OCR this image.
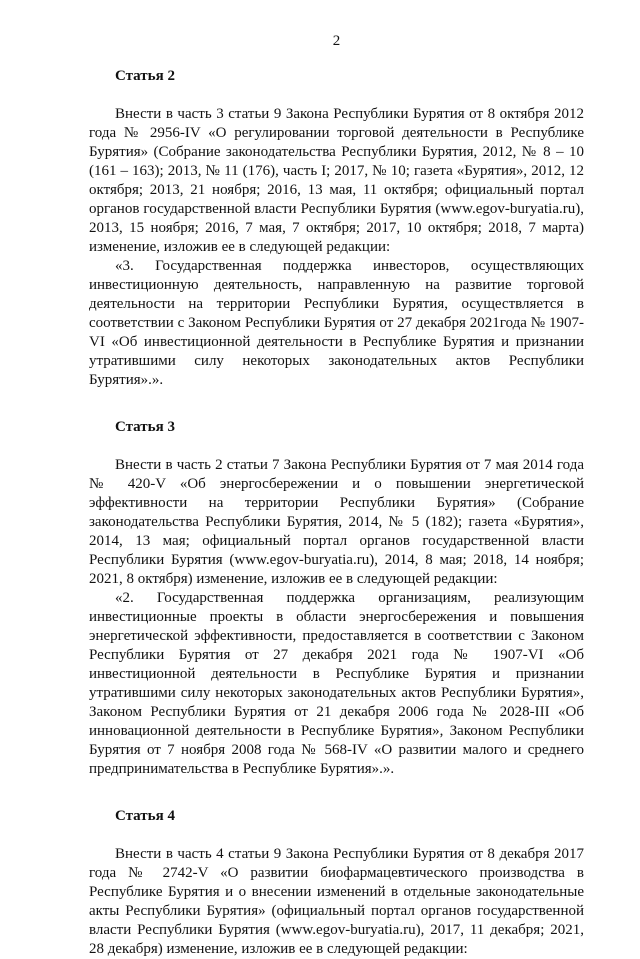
2
Статья 2

Внести в часть 3 статьи 9 Закона Республики Бурятия от 8 октября 2012 года № 2956-IV «О регулировании торговой деятельности в Республике Бурятия» (Собрание законодательства Республики Бурятия, 2012, № 8 – 10 (161 – 163); 2013, № 11 (176), часть I; 2017, № 10; газета «Бурятия», 2012, 12 октября; 2013, 21 ноября; 2016, 13 мая, 11 октября; официальный портал органов государственной власти Республики Бурятия (www.egov-buryatia.ru), 2013, 15 ноября; 2016, 7 мая, 7 октября; 2017, 10 октября; 2018, 7 марта) изменение, изложив ее в следующей редакции:

«3. Государственная поддержка инвесторов, осуществляющих инвестиционную деятельность, направленную на развитие торговой деятельности на территории Республики Бурятия, осуществляется в соответствии с Законом Республики Бурятия от 27 декабря 2021года № 1907-VI «Об инвестиционной деятельности в Республике Бурятия и признании утратившими силу некоторых законодательных актов Республики Бурятия».».

Статья 3

Внести в часть 2 статьи 7 Закона Республики Бурятия от 7 мая 2014 года № 420-V «Об энергосбережении и о повышении энергетической эффективности на территории Республики Бурятия» (Собрание законодательства Республики Бурятия, 2014, № 5 (182); газета «Бурятия», 2014, 13 мая; официальный портал органов государственной власти Республики Бурятия (www.egov-buryatia.ru), 2014, 8 мая; 2018, 14 ноября; 2021, 8 октября) изменение, изложив ее в следующей редакции:

«2. Государственная поддержка организациям, реализующим инвестиционные проекты в области энергосбережения и повышения энергетической эффективности, предоставляется в соответствии с Законом Республики Бурятия от 27 декабря 2021 года № 1907-VI «Об инвестиционной деятельности в Республике Бурятия и признании утратившими силу некоторых законодательных актов Республики Бурятия», Законом Республики Бурятия от 21 декабря 2006 года № 2028-III «Об инновационной деятельности в Республике Бурятия», Законом Республики Бурятия от 7 ноября 2008 года № 568-IV «О развитии малого и среднего предпринимательства в Республике Бурятия».».

Статья 4

Внести в часть 4 статьи 9 Закона Республики Бурятия от 8 декабря 2017 года № 2742-V «О развитии биофармацевтического производства в Республике Бурятия и о внесении изменений в отдельные законодательные акты Республики Бурятия» (официальный портал органов государственной власти Республики Бурятия (www.egov-buryatia.ru), 2017, 11 декабря; 2021, 28 декабря) изменение, изложив ее в следующей редакции:
